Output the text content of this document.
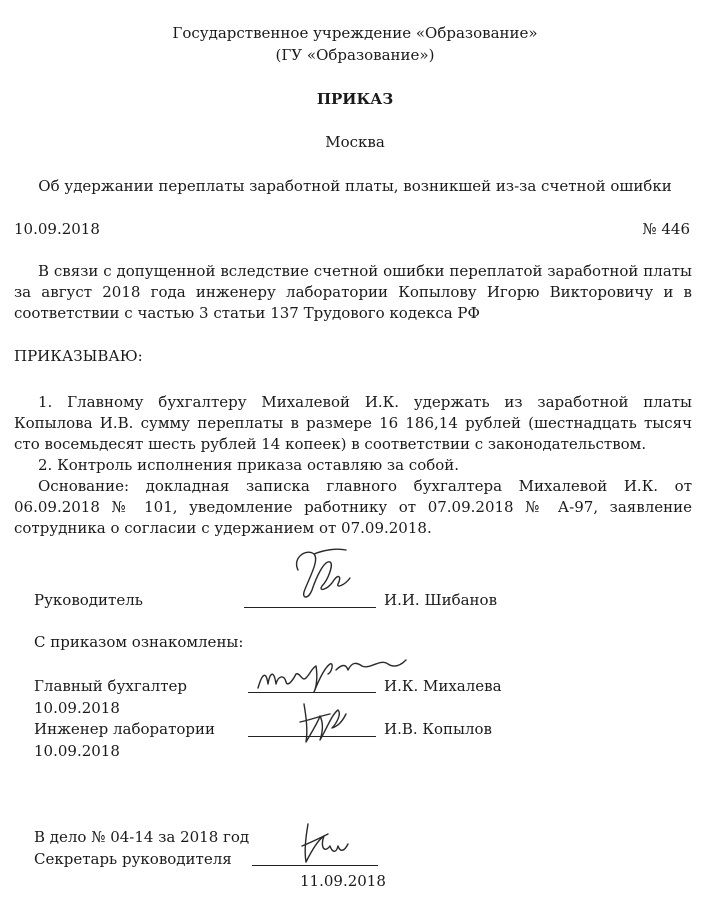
Государственное учреждение «Образование»
(ГУ «Образование»)
ПРИКАЗ
Москва
Об удержании переплаты заработной платы, возникшей из-за счетной ошибки
10.09.2018	№ 446

В связи с допущенной вследствие счетной ошибки переплатой заработной платы за август 2018 года инженеру лаборатории Копылову Игорю Викторовичу и в соответствии с частью 3 статьи 137 Трудового кодекса РФ

ПРИКАЗЫВАЮ:

1. Главному бухгалтеру Михалевой И.К. удержать из заработной платы Копылова И.В. сумму переплаты в размере 16 186,14 рублей (шестнадцать тысяч сто восемьдесят шесть рублей 14 копеек) в соответствии с законодательством.

2. Контроль исполнения приказа оставляю за собой.

Основание: докладная записка главного бухгалтера Михалевой И.К. от 06.09.2018 № 101, уведомление работнику от 07.09.2018 № А-97, заявление сотрудника о согласии с удержанием от 07.09.2018.

Руководитель	И.И. Шибанов
С приказом ознакомлены:
Главный бухгалтер
10.09.2018
И.К. Михалева
Инженер лаборатории
10.09.2018
И.В. Копылов
В дело № 04-14 за 2018 год
Секретарь руководителя
11.09.2018
